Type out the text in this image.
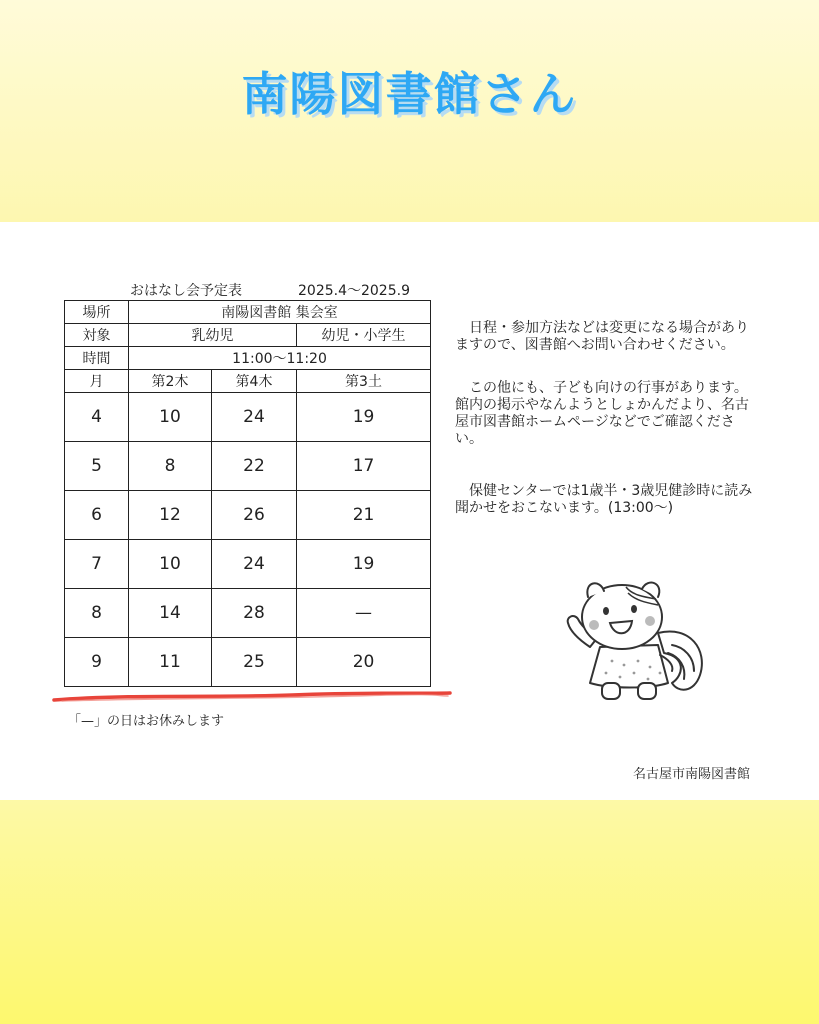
南陽図書館さん
おはなし会予定表	2025.4～2025.9
場所	南陽図書館 集会室		
対象	乳幼児		幼児・小学生
時間	11:00～11:20		
月	第2木	第4木	第3土
4	10	24	19
5	8	22	17
6	12	26	21
7	10	24	19
8	14	28	—
9	11	25	20
「—」の日はお休みします

　日程・参加方法などは変更になる場合がありますので、図書館へお問い合わせください。

　この他にも、子ども向けの行事があります。館内の掲示やなんようとしょかんだより、名古屋市図書館ホームページなどでご確認ください。

　保健センターでは1歳半・3歳児健診時に読み聞かせをおこないます。(13:00～)

名古屋市南陽図書館
